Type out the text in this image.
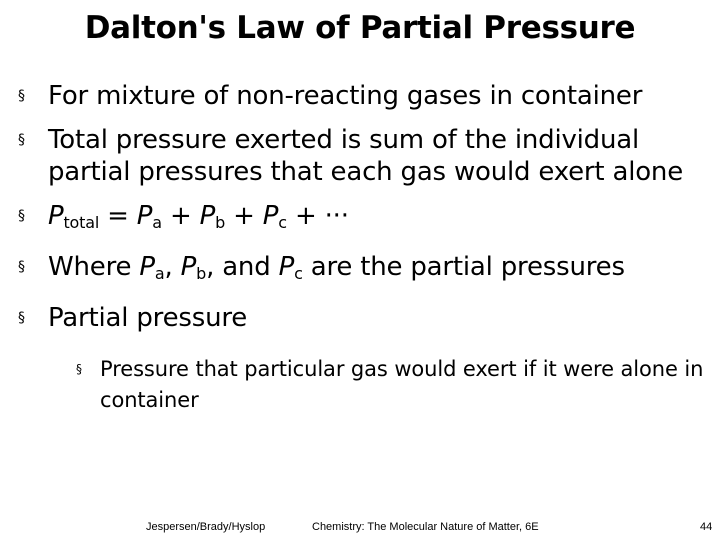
Dalton's Law of Partial Pressure
§ For mixture of non-reacting gases in container
§ Total pressure exerted is sum of the individual partial pressures that each gas would exert alone
§ $P_{total} = P_a + P_b + P_c$ + ···
§ Where $P_a$, $P_b$, and $P_c$ are the partial pressures
§ Partial pressure
§ Pressure that particular gas would exert if it were alone in container
Jespersen/Brady/Hyslop	Chemistry: The Molecular Nature of Matter, 6E	44
